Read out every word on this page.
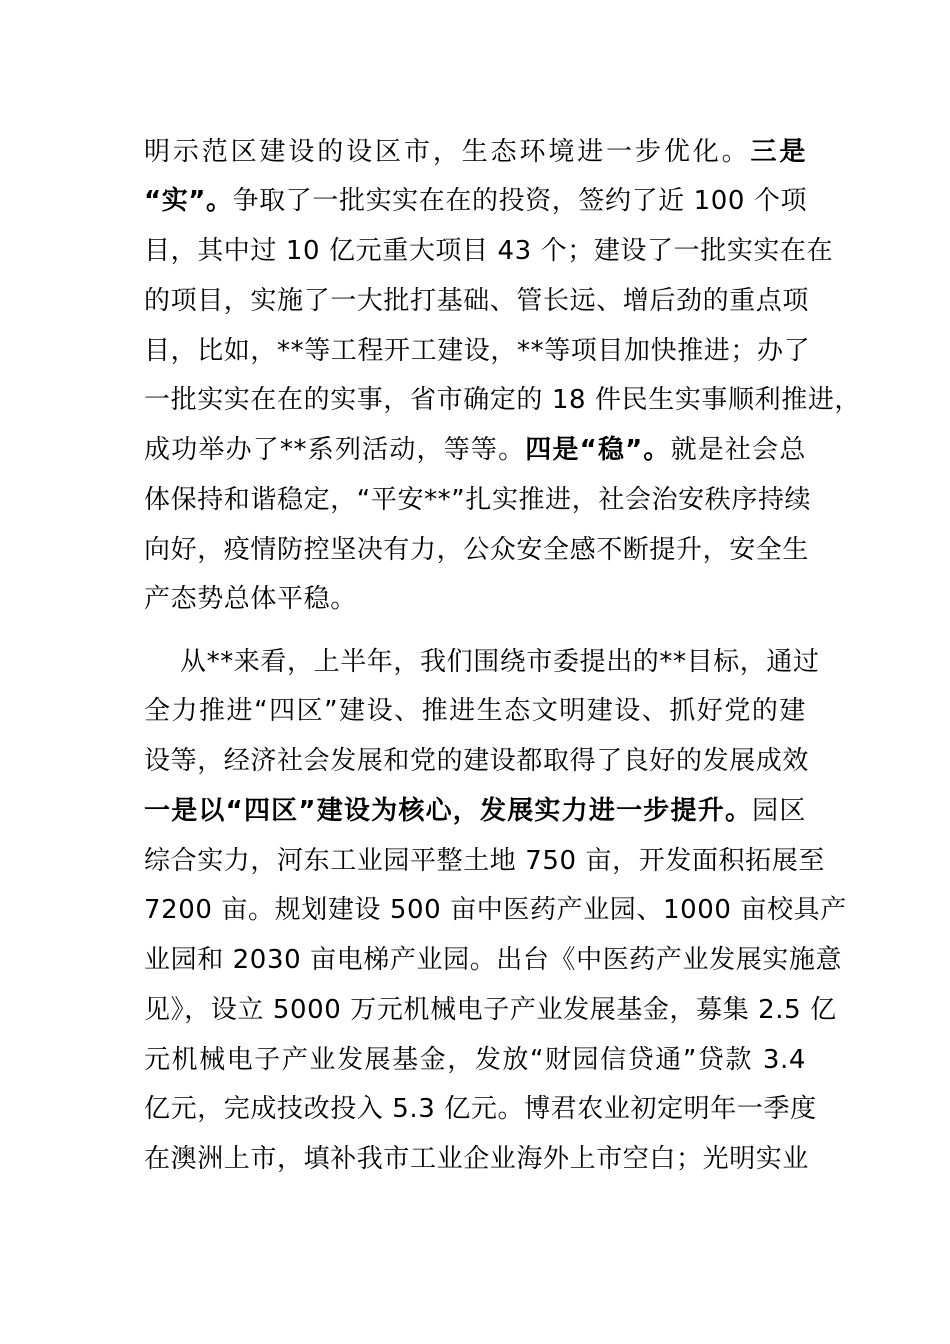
明示范区建设的设区市，生态环境进一步优化。三是
“实”。争取了一批实实在在的投资，签约了近 100 个项
目，其中过 10 亿元重大项目 43 个；建设了一批实实在在
的项目，实施了一大批打基础、管长远、增后劲的重点项
目，比如，**等工程开工建设，**等项目加快推进；办了
一批实实在在的实事，省市确定的 18 件民生实事顺利推进，
成功举办了**系列活动，等等。四是“稳”。就是社会总
体保持和谐稳定，“平安**”扎实推进，社会治安秩序持续
向好，疫情防控坚决有力，公众安全感不断提升，安全生
产态势总体平稳。
从**来看，上半年，我们围绕市委提出的**目标，通过
全力推进“四区”建设、推进生态文明建设、抓好党的建
设等，经济社会发展和党的建设都取得了良好的发展成效
一是以“四区”建设为核心，发展实力进一步提升。园区
综合实力，河东工业园平整土地 750 亩，开发面积拓展至
7200 亩。规划建设 500 亩中医药产业园、1000 亩校具产
业园和 2030 亩电梯产业园。出台《中医药产业发展实施意
见》，设立 5000 万元机械电子产业发展基金，募集 2.5 亿
元机械电子产业发展基金，发放“财园信贷通”贷款 3.4
亿元，完成技改投入 5.3 亿元。博君农业初定明年一季度
在澳洲上市，填补我市工业企业海外上市空白；光明实业
